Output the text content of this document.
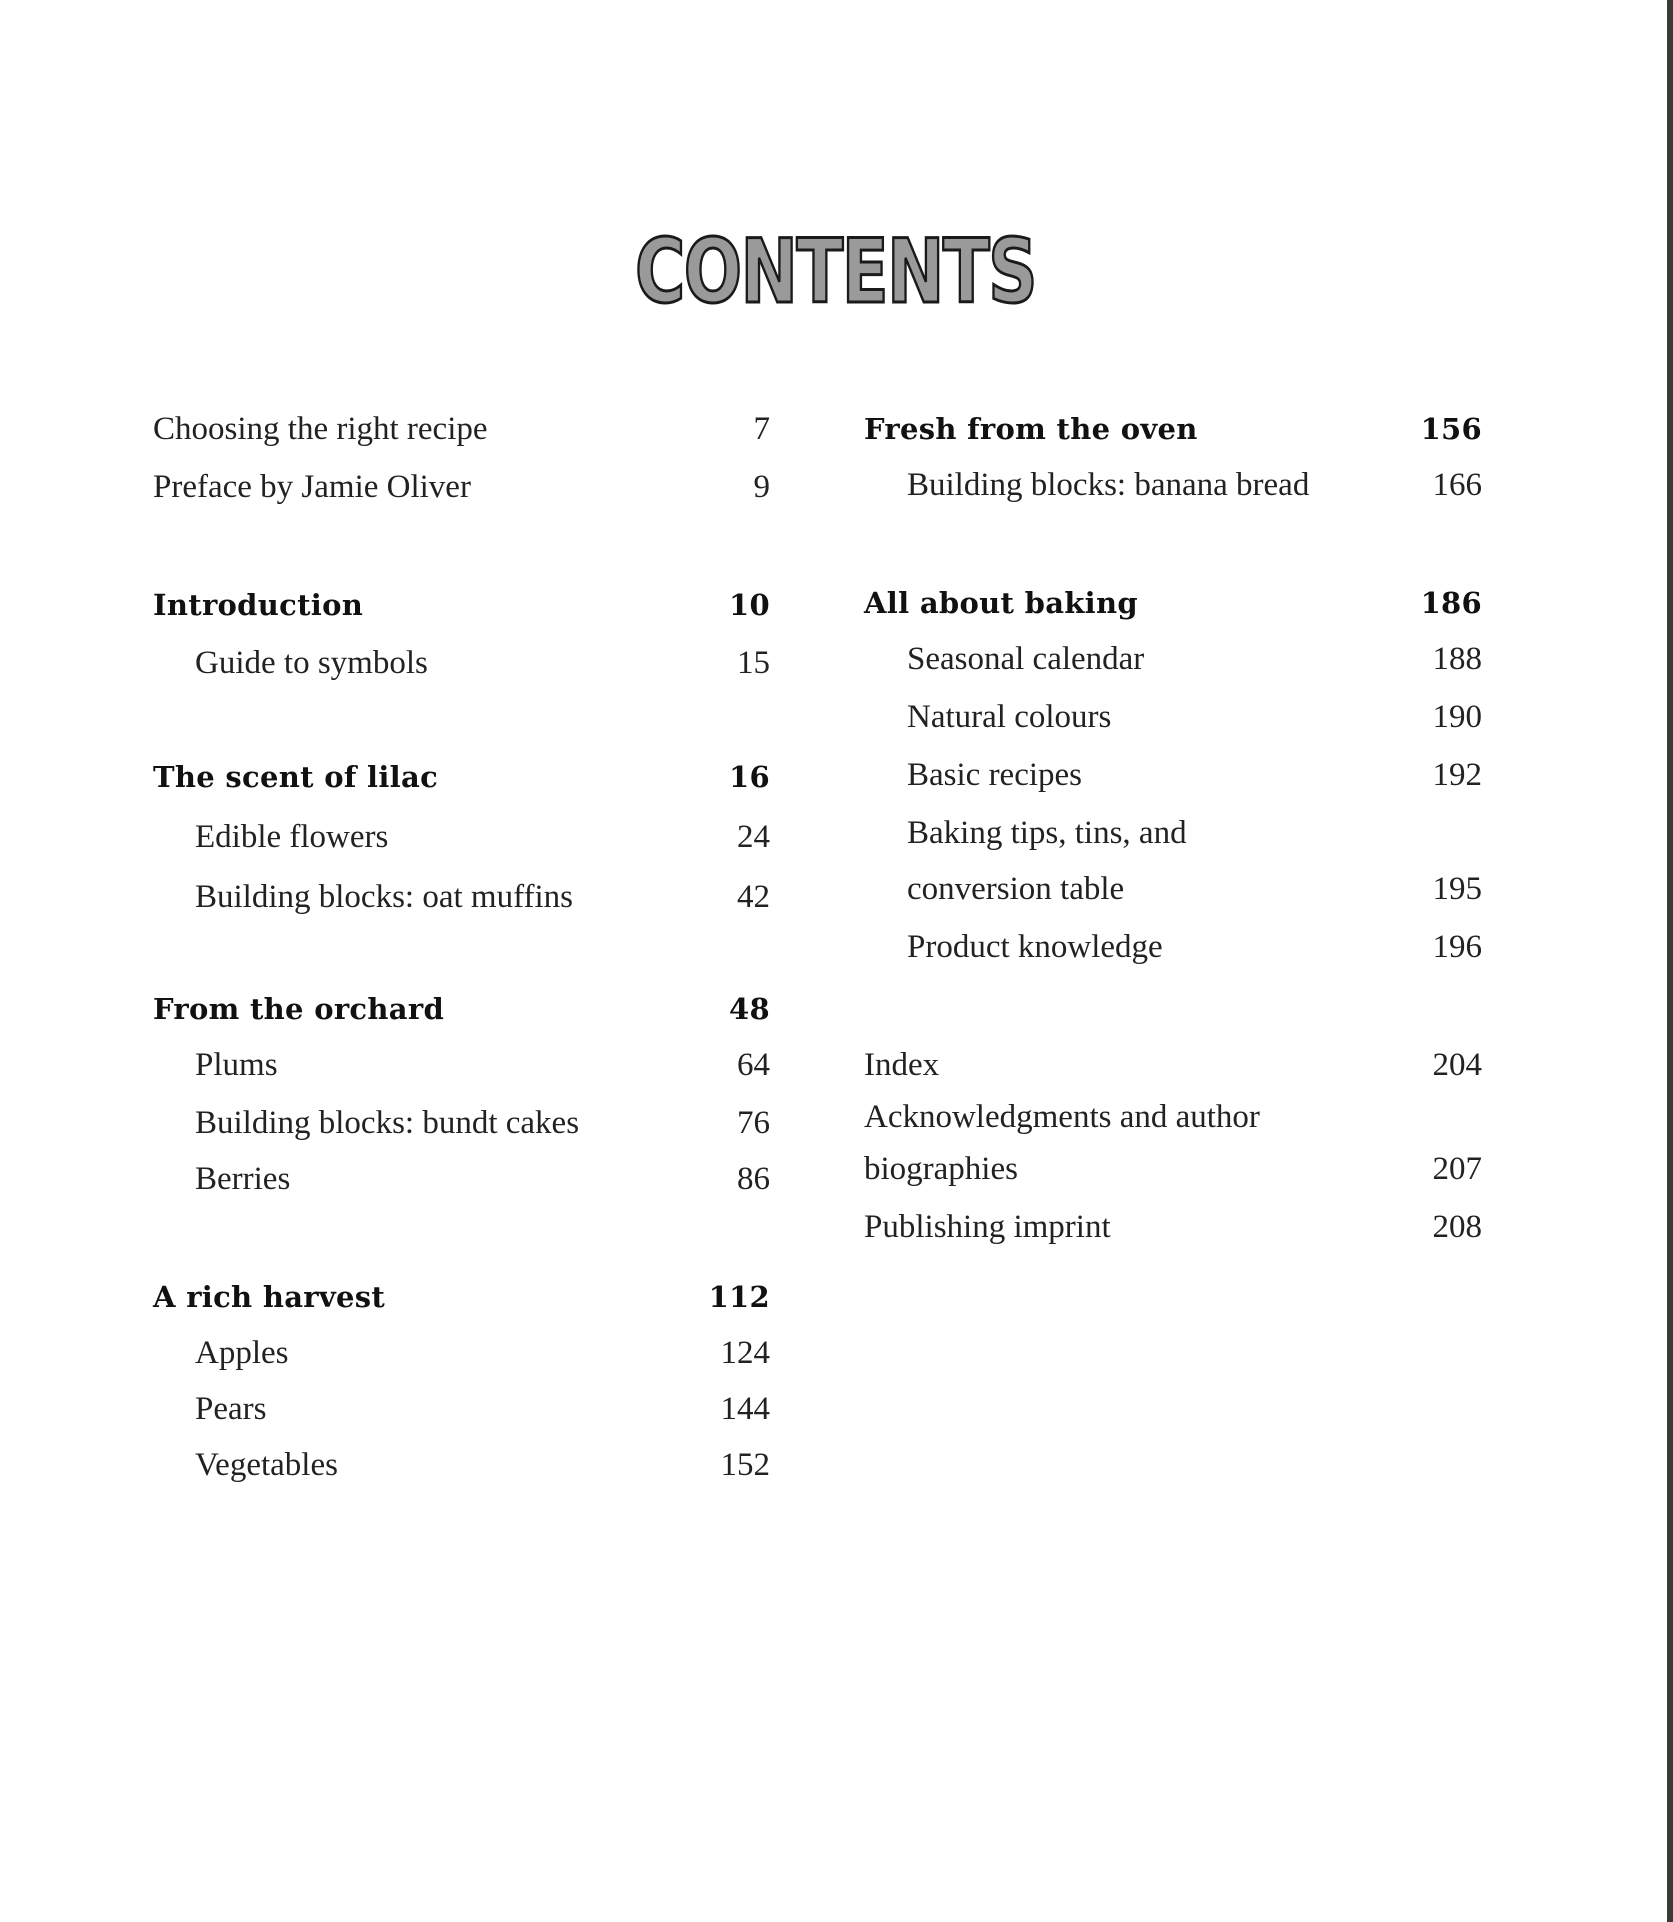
CONTENTS
Choosing the right recipe	7
Preface by Jamie Oliver	9
Introduction	10
Guide to symbols	15
The scent of lilac	16
Edible flowers	24
Building blocks: oat muffins	42
From the orchard	48
Plums	64
Building blocks: bundt cakes	76
Berries	86
A rich harvest	112
Apples	124
Pears	144
Vegetables	152
Fresh from the oven	156
Building blocks: banana bread	166
All about baking	186
Seasonal calendar	188
Natural colours	190
Basic recipes	192
Baking tips, tins, and
conversion table	195
Product knowledge	196
Index	204
Acknowledgments and author
biographies	207
Publishing imprint	208
